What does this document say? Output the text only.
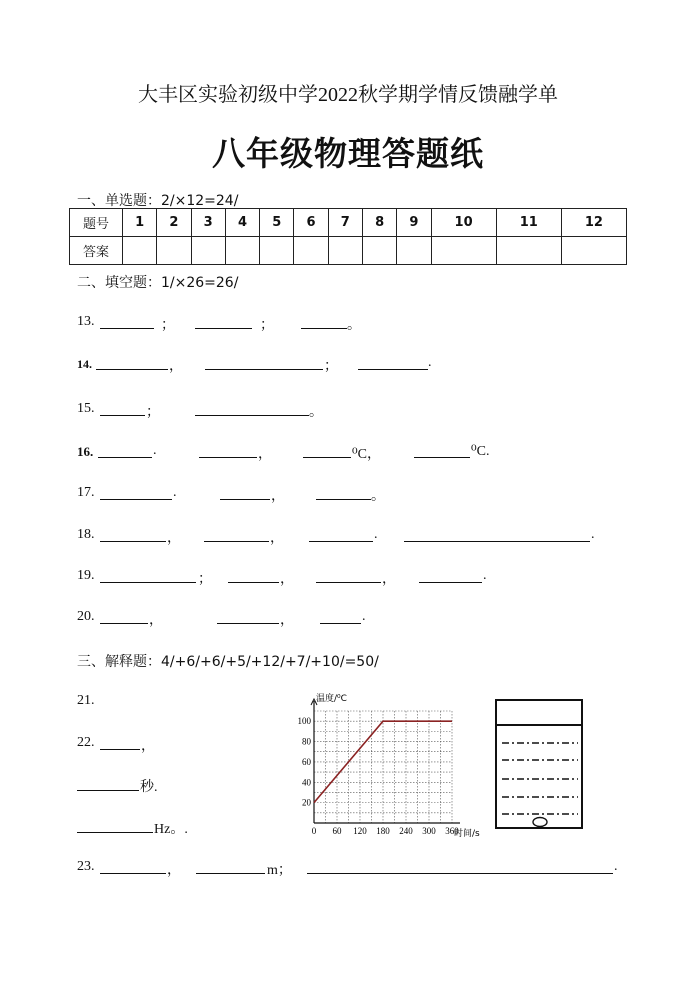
大丰区实验初级中学2022秋学期学情反馈融学单
八年级物理答题纸
一、单选题：2/×12=24/
题号	1	2	3	4	5	6	7	8	9	10	11	12
答案												
二、填空题：1/×26=26/
13.	；	；	。
14.	，	；	.
15.	；	。
16.	.	，	⁰C，	⁰C.
17.	.	，	。
18.	，	，	.	.
19.	；	，	，	.
20.	，	，	.
三、解释题：4/+6/+6/+5/+12/+7/+10/=50/
21.
22.	，
秒.
Hz。.
23.	，	m；	.
0 60 120 180 240 300 360
20
40
60
80
100
时间/s
温度/⁰C
